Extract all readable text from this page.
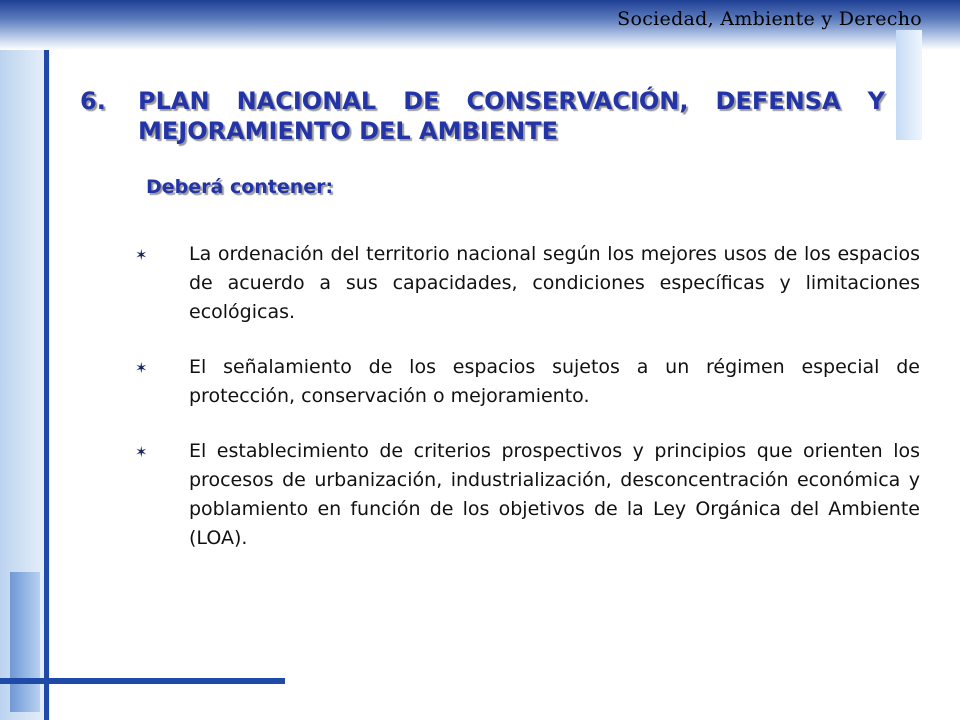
Sociedad, Ambiente y Derecho
6.	PLAN NACIONAL DE CONSERVACIÓN, DEFENSA Y
MEJORAMIENTO DEL AMBIENTE
Deberá contener:
✶	La ordenación del territorio nacional según los mejores usos de los espacios de acuerdo a sus capacidades, condiciones específicas y limitaciones ecológicas.
✶	El señalamiento de los espacios sujetos a un régimen especial de protección, conservación o mejoramiento.
✶	El establecimiento de criterios prospectivos y principios que orienten los procesos de urbanización, industrialización, desconcentración económica y poblamiento en función de los objetivos de la Ley Orgánica del Ambiente (LOA).
